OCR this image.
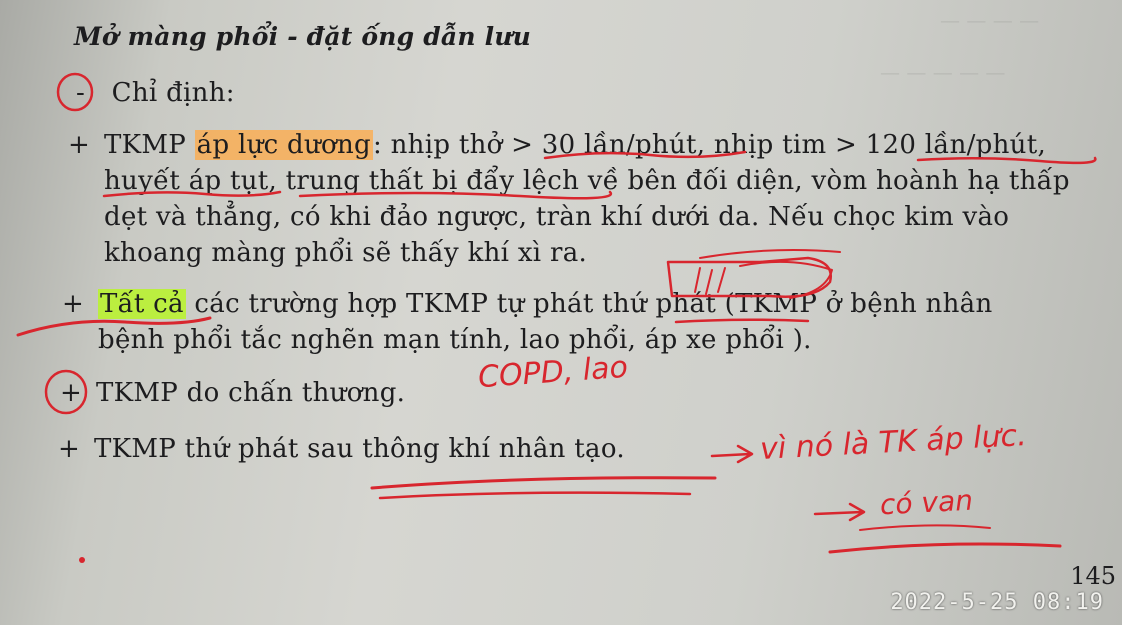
— — — —
— — — — —
Mở màng phổi - đặt ống dẫn lưu
- Chỉ định:
+ TKMP áp lực dương: nhịp thở > 30 lần/phút, nhịp tim > 120 lần/phút,
huyết áp tụt, trung thất bị đẩy lệch về bên đối diện, vòm hoành hạ thấp
dẹt và thẳng, có khi đảo ngược, tràn khí dưới da. Nếu chọc kim vào
khoang màng phổi sẽ thấy khí xì ra.
+ Tất cả các trường hợp TKMP tự phát thứ phát (TKMP ở bệnh nhân
bệnh phổi tắc nghẽn mạn tính, lao phổi, áp xe phổi ).
+ TKMP do chấn thương.
+ TKMP thứ phát sau thông khí nhân tạo.
COPD, lao
vì nó là TK áp lực.
có van
145
2022-5-25 08:19
